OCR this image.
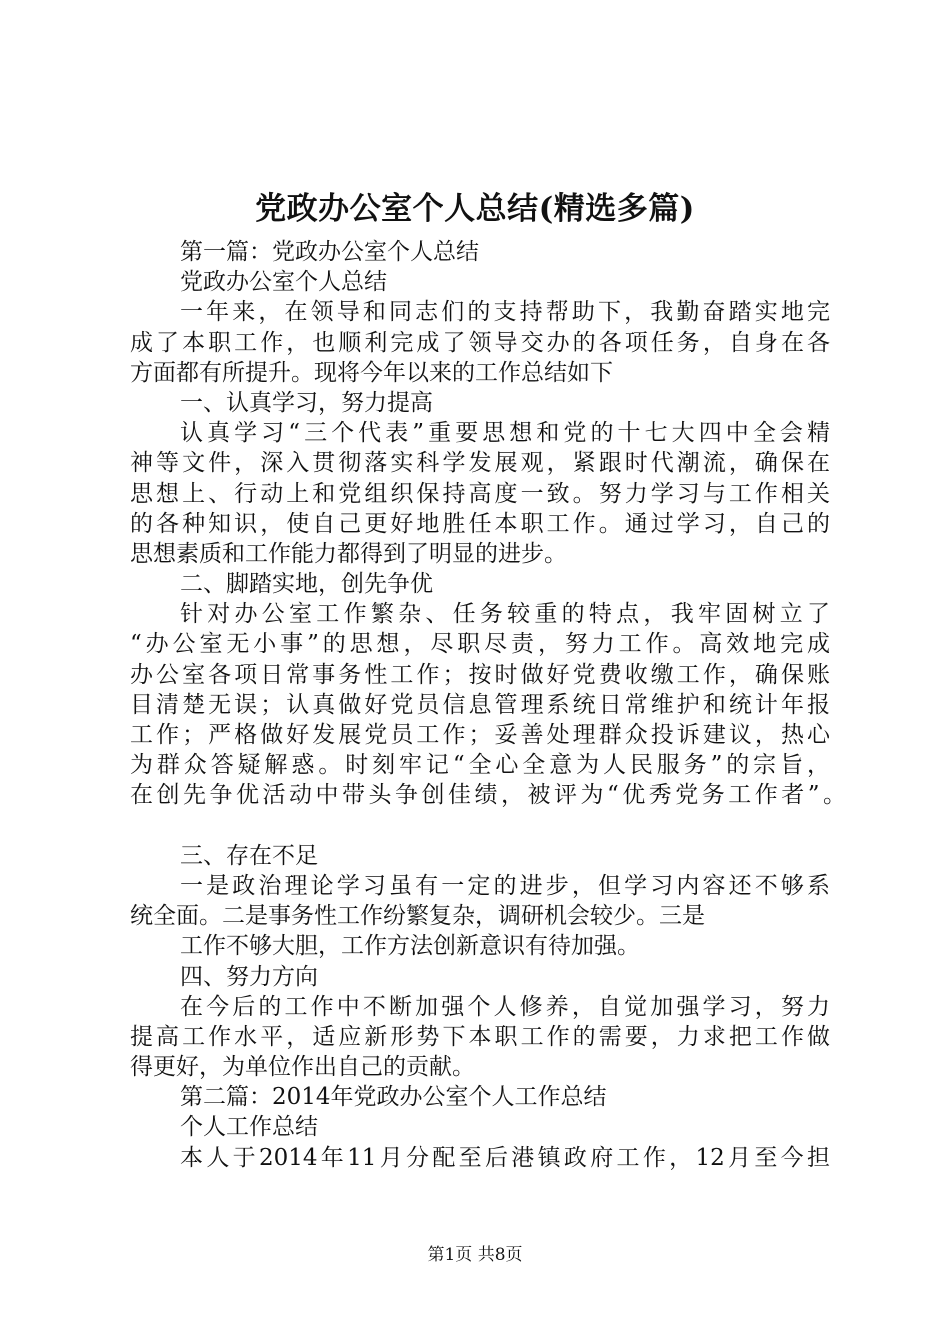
党政办公室个人总结(精选多篇)
第一篇：党政办公室个人总结
党政办公室个人总结
一年来，在领导和同志们的支持帮助下，我勤奋踏实地完
成了本职工作，也顺利完成了领导交办的各项任务，自身在各
方面都有所提升。现将今年以来的工作总结如下
一、认真学习，努力提高
认真学习“三个代表”重要思想和党的十七大四中全会精
神等文件，深入贯彻落实科学发展观，紧跟时代潮流，确保在
思想上、行动上和党组织保持高度一致。努力学习与工作相关
的各种知识，使自己更好地胜任本职工作。通过学习，自己的
思想素质和工作能力都得到了明显的进步。
二、脚踏实地，创先争优
针对办公室工作繁杂、任务较重的特点，我牢固树立了
“办公室无小事”的思想，尽职尽责，努力工作。高效地完成
办公室各项日常事务性工作；按时做好党费收缴工作，确保账
目清楚无误；认真做好党员信息管理系统日常维护和统计年报
工作；严格做好发展党员工作；妥善处理群众投诉建议，热心
为群众答疑解惑。时刻牢记“全心全意为人民服务”的宗旨，
在创先争优活动中带头争创佳绩，被评为“优秀党务工作者”。
三、存在不足
一是政治理论学习虽有一定的进步，但学习内容还不够系
统全面。二是事务性工作纷繁复杂，调研机会较少。三是
工作不够大胆，工作方法创新意识有待加强。
四、努力方向
在今后的工作中不断加强个人修养，自觉加强学习，努力
提高工作水平，适应新形势下本职工作的需要，力求把工作做
得更好，为单位作出自己的贡献。
第二篇：2014年党政办公室个人工作总结
个人工作总结
本人于2014年11月分配至后港镇政府工作，12月至今担
第1页 共8页
